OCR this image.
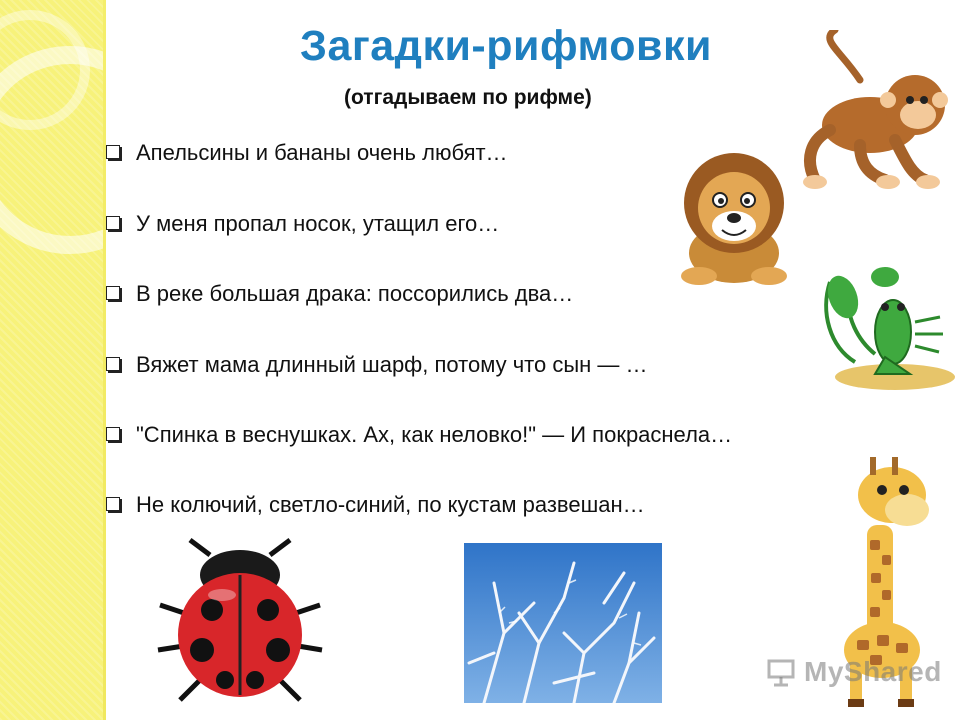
Загадки-рифмовки
(отгадываем по рифме)
Апельсины и бананы очень любят…
У меня пропал носок, утащил его…
В реке большая драка: поссорились два…
Вяжет мама длинный шарф, потому что сын — …
"Спинка в веснушках. Ах, как неловко!" — И покраснела…
Не колючий, светло-синий, по кустам развешан…
MyShared
